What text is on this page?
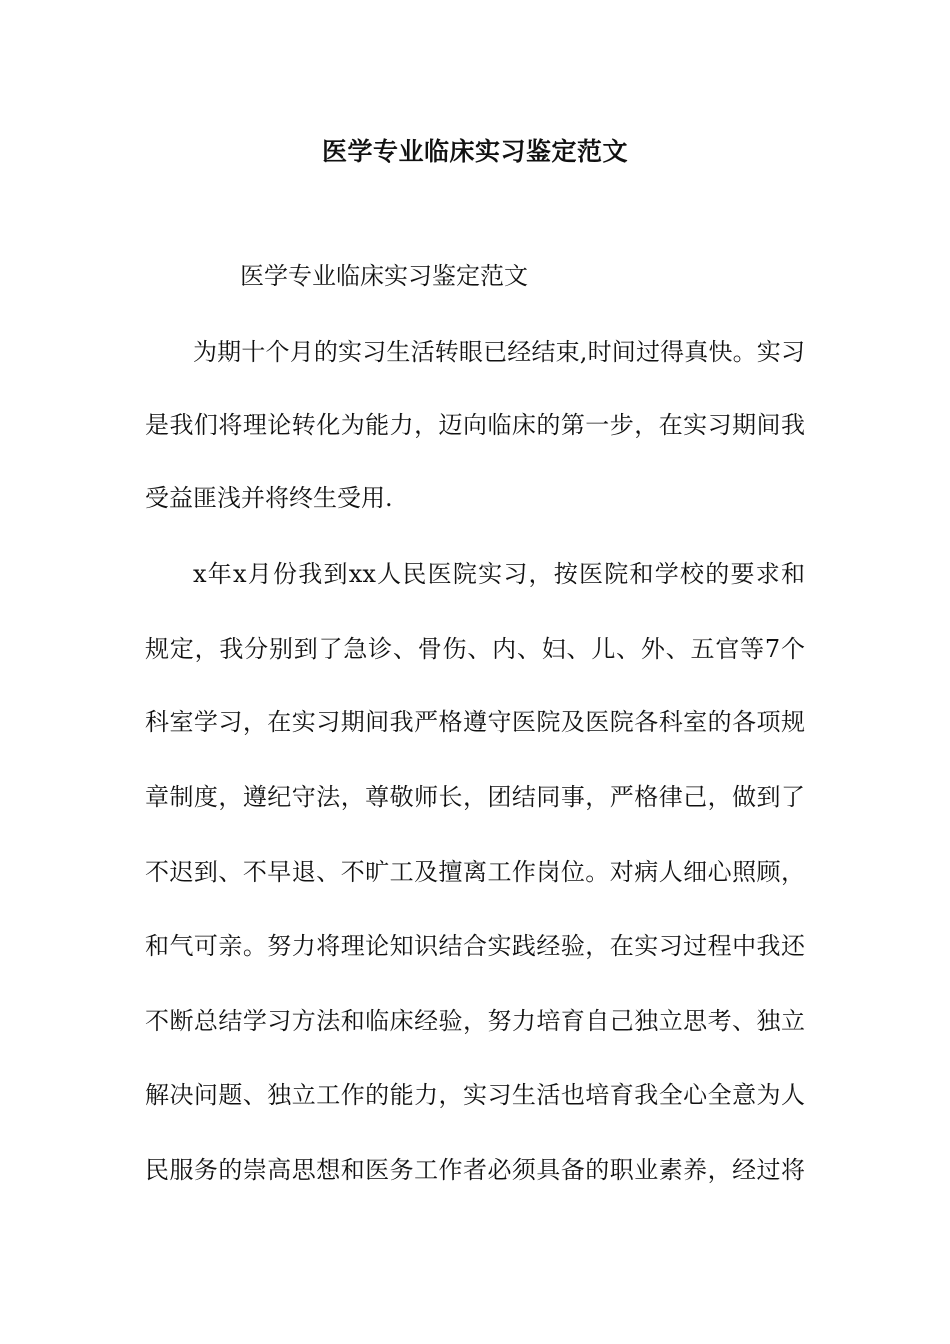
医学专业临床实习鉴定范文
医学专业临床实习鉴定范文
为期十个月的实习生活转眼已经结束,时间过得真快。实习
是我们将理论转化为能力，迈向临床的第一步，在实习期间我
受益匪浅并将终生受用.
x年x月份我到xx人民医院实习，按医院和学校的要求和
规定，我分别到了急诊、骨伤、内、妇、儿、外、五官等7个
科室学习，在实习期间我严格遵守医院及医院各科室的各项规
章制度，遵纪守法，尊敬师长，团结同事，严格律己，做到了
不迟到、不早退、不旷工及擅离工作岗位。对病人细心照顾，
和气可亲。努力将理论知识结合实践经验，在实习过程中我还
不断总结学习方法和临床经验，努力培育自己独立思考、独立
解决问题、独立工作的能力，实习生活也培育我全心全意为人
民服务的崇高思想和医务工作者必须具备的职业素养，经过将
